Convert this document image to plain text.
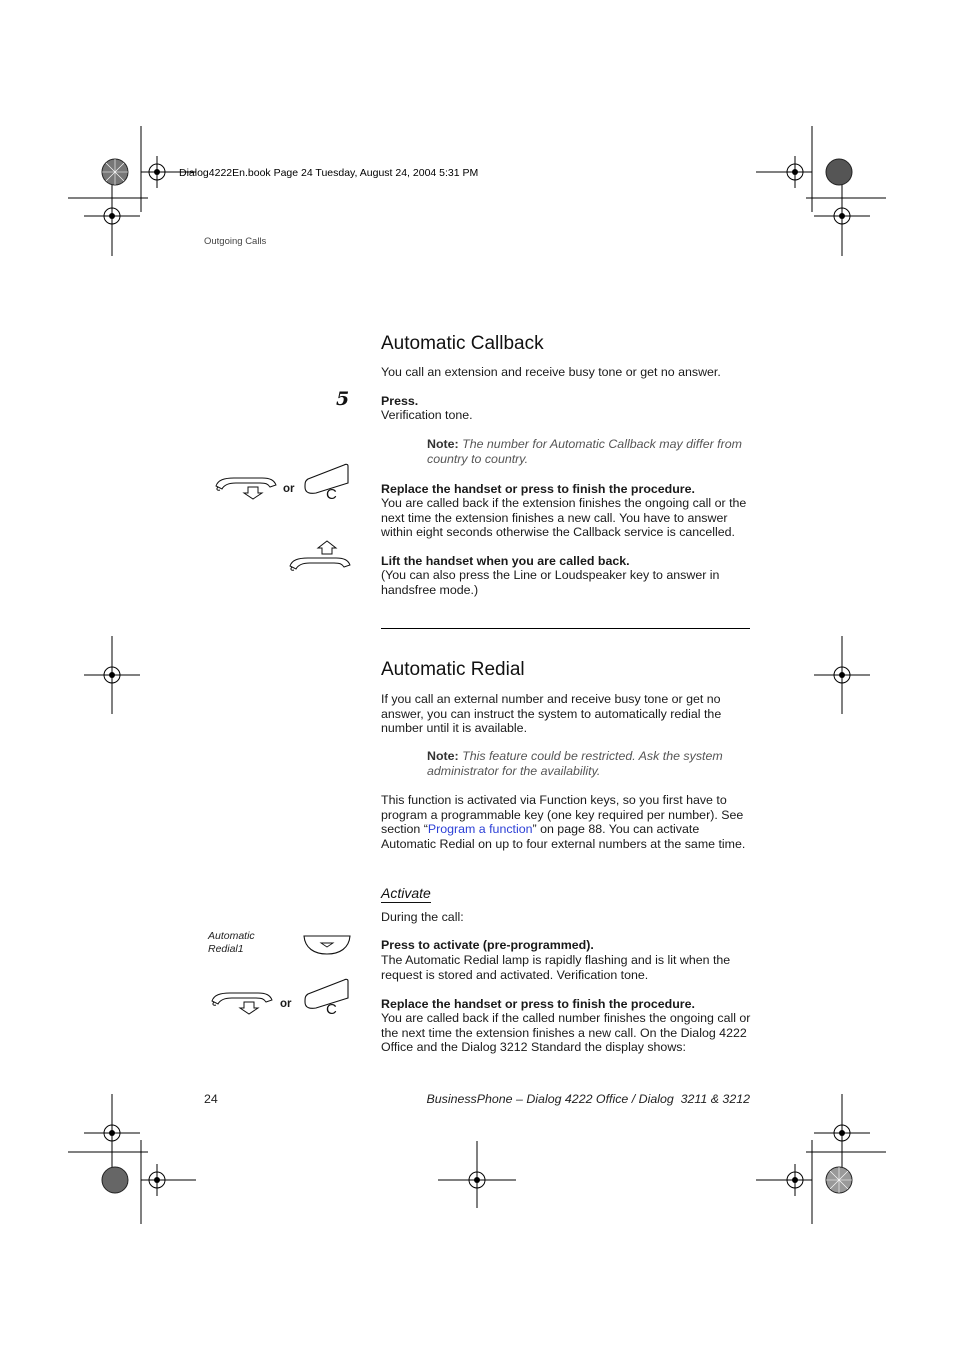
Dialog4222En.book Page 24 Tuesday, August 24, 2004 5:31 PM
Outgoing Calls
Automatic Callback
You call an extension and receive busy tone or get no answer.
5	Press.
Verification tone.
Note: The number for Automatic Callback may differ from country to country.
or C	Replace the handset or press to finish the procedure.
You are called back if the extension finishes the ongoing call or the next time the extension finishes a new call. You have to answer within eight seconds otherwise the Callback service is cancelled.
Lift the handset when you are called back.
(You can also press the Line or Loudspeaker key to answer in handsfree mode.)
Automatic Redial
If you call an external number and receive busy tone or get no answer, you can instruct the system to automatically redial the number until it is available.
Note: This feature could be restricted. Ask the system administrator for the availability.
This function is activated via Function keys, so you first have to program a programmable key (one key required per number). See section “Program a function” on page 88. You can activate Automatic Redial on up to four external numbers at the same time.
Activate
During the call:
Automatic
Redial1	Press to activate (pre-programmed).
The Automatic Redial lamp is rapidly flashing and is lit when the request is stored and activated. Verification tone.
or C	Replace the handset or press to finish the procedure.
You are called back if the called number finishes the ongoing call or the next time the extension finishes a new call. On the Dialog 4222 Office and the Dialog 3212 Standard the display shows:
24	BusinessPhone – Dialog 4222 Office / Dialog  3211 & 3212
